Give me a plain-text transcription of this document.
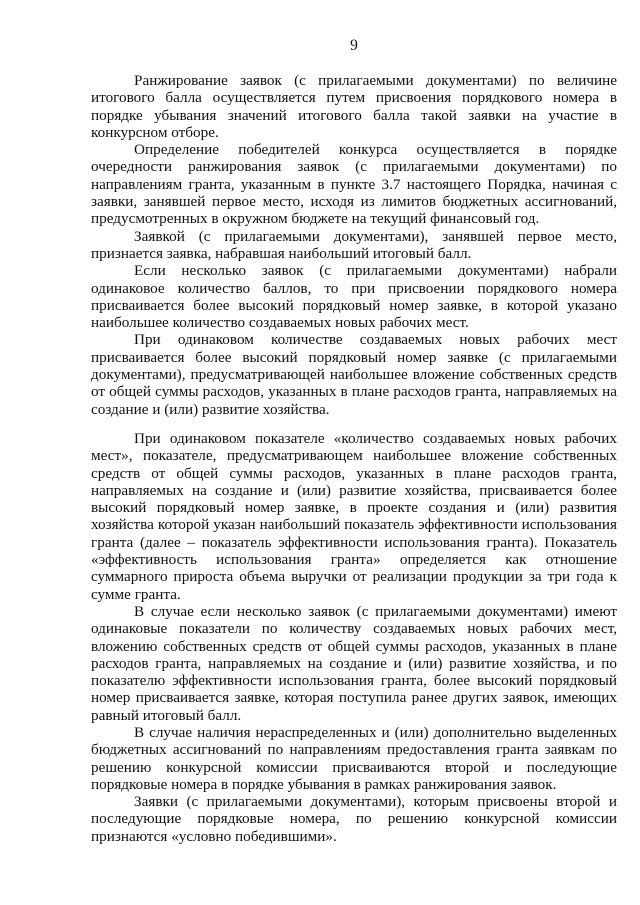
9

Ранжирование заявок (с прилагаемыми документами) по величине итогового балла осуществляется путем присвоения порядкового номера в порядке убывания значений итогового балла такой заявки на участие в конкурсном отборе.

Определение победителей конкурса осуществляется в порядке очередности ранжирования заявок (с прилагаемыми документами) по направлениям гранта, указанным в пункте 3.7 настоящего Порядка, начиная с заявки, занявшей первое место, исходя из лимитов бюджетных ассигнований, предусмотренных в окружном бюджете на текущий финансовый год.

Заявкой (с прилагаемыми документами), занявшей первое место, признается заявка, набравшая наибольший итоговый балл.

Если несколько заявок (с прилагаемыми документами) набрали одинаковое количество баллов, то при присвоении порядкового номера присваивается более высокий порядковый номер заявке, в которой указано наибольшее количество создаваемых новых рабочих мест.

При одинаковом количестве создаваемых новых рабочих мест присваивается более высокий порядковый номер заявке (с прилагаемыми документами), предусматривающей наибольшее вложение собственных средств от общей суммы расходов, указанных в плане расходов гранта, направляемых на создание и (или) развитие хозяйства.

При одинаковом показателе «количество создаваемых новых рабочих мест», показателе, предусматривающем наибольшее вложение собственных средств от общей суммы расходов, указанных в плане расходов гранта, направляемых на создание и (или) развитие хозяйства, присваивается более высокий порядковый номер заявке, в проекте создания и (или) развития хозяйства которой указан наибольший показатель эффективности использования гранта (далее – показатель эффективности использования гранта). Показатель «эффективность использования гранта» определяется как отношение суммарного прироста объема выручки от реализации продукции за три года к сумме гранта.

В случае если несколько заявок (с прилагаемыми документами) имеют одинаковые показатели по количеству создаваемых новых рабочих мест, вложению собственных средств от общей суммы расходов, указанных в плане расходов гранта, направляемых на создание и (или) развитие хозяйства, и по показателю эффективности использования гранта, более высокий порядковый номер присваивается заявке, которая поступила ранее других заявок, имеющих равный итоговый балл.

В случае наличия нераспределенных и (или) дополнительно выделенных бюджетных ассигнований по направлениям предоставления гранта заявкам по решению конкурсной комиссии присваиваются второй и последующие порядковые номера в порядке убывания в рамках ранжирования заявок.

Заявки (с прилагаемыми документами), которым присвоены второй и последующие порядковые номера, по решению конкурсной комиссии признаются «условно победившими».
